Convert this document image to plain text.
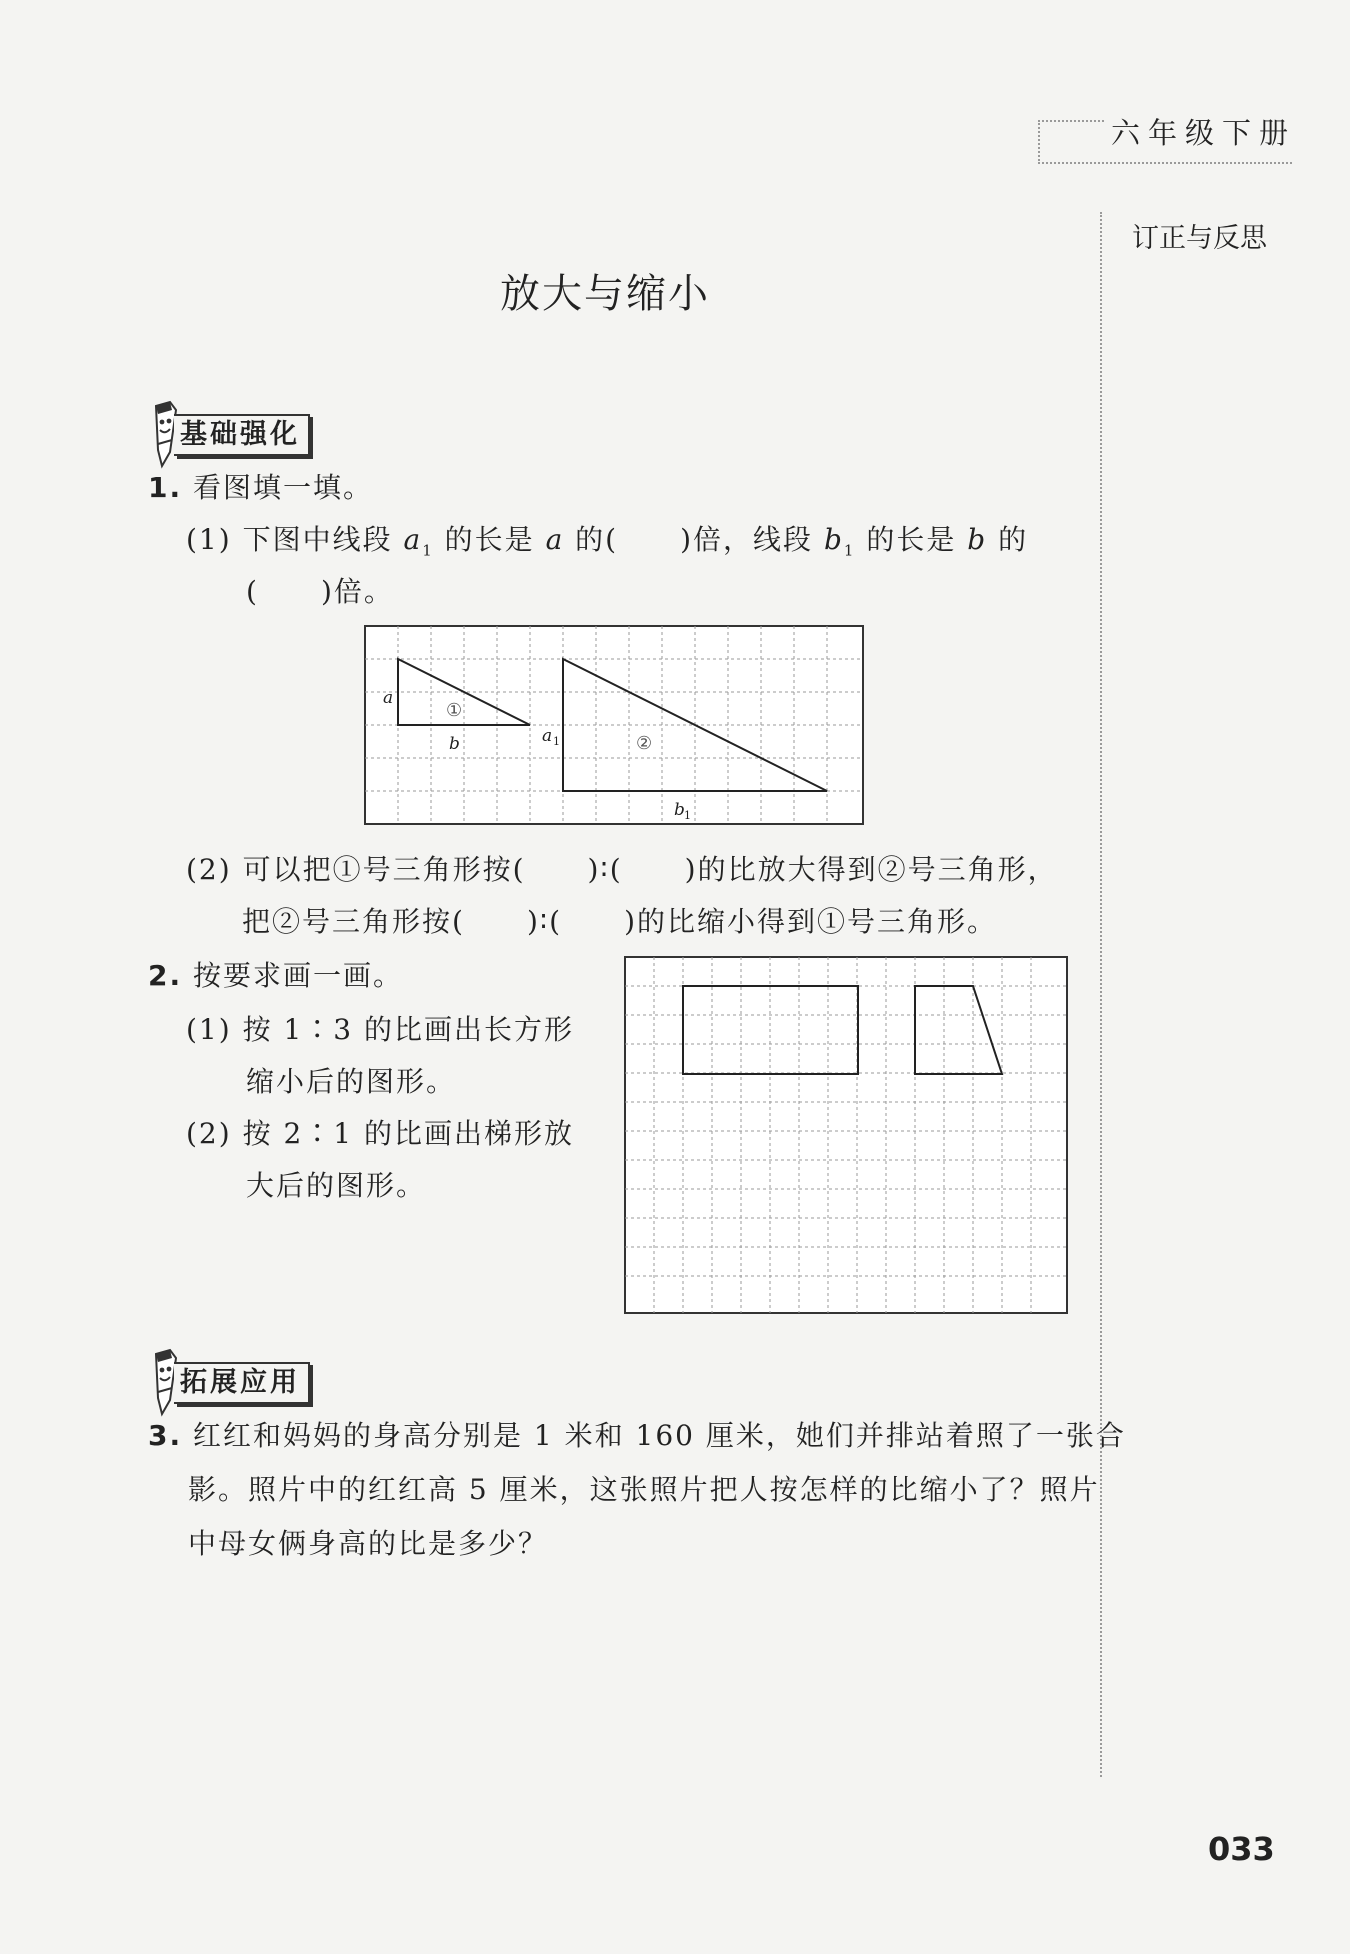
六年级下册
订正与反思
放大与缩小
基础强化
1. 看图填一填。
(1) 下图中线段 $a_1$ 的长是 a 的( )倍，线段 $b_1$ 的长是 b 的
( )倍。
a
b
①
a 1	②
b 1
(2) 可以把①号三角形按( )∶( )的比放大得到②号三角形，
把②号三角形按( )∶( )的比缩小得到①号三角形。
2. 按要求画一画。
(1) 按 1∶3 的比画出长方形
缩小后的图形。
(2) 按 2∶1 的比画出梯形放
大后的图形。
拓展应用
3. 红红和妈妈的身高分别是 1 米和 160 厘米，她们并排站着照了一张合
影。照片中的红红高 5 厘米，这张照片把人按怎样的比缩小了？照片
中母女俩身高的比是多少？
033
